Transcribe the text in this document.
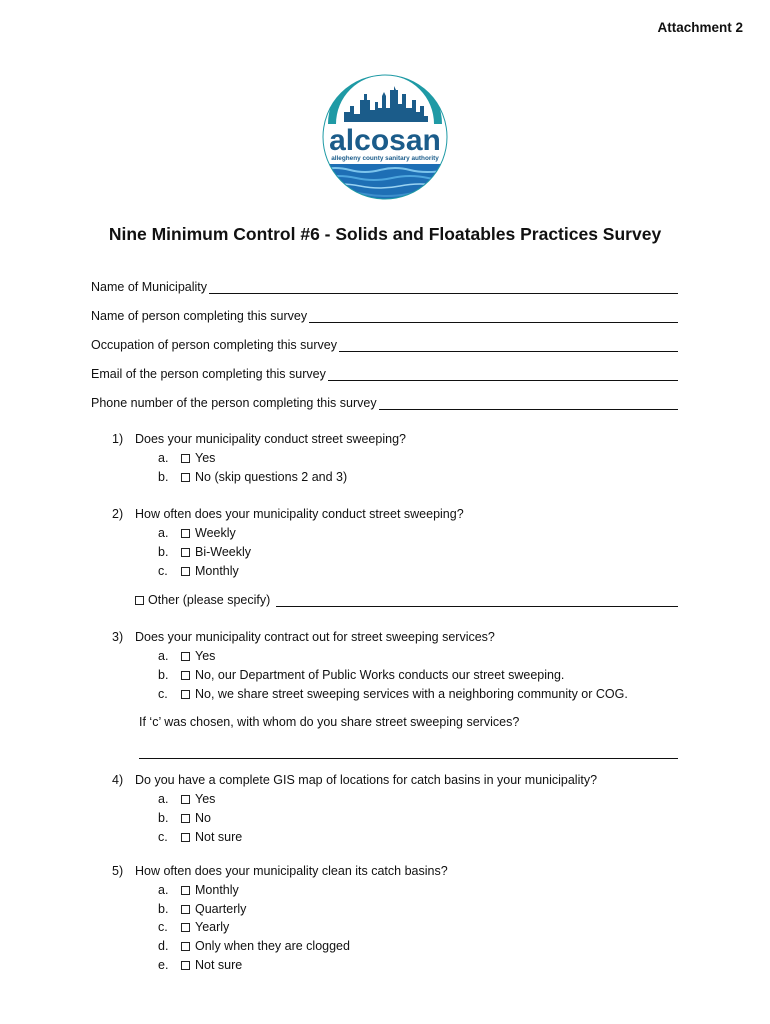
Attachment 2
alcosan
allegheny county sanitary authority
Nine Minimum Control #6 - Solids and Floatables Practices Survey
Name of Municipality
Name of person completing this survey
Occupation of person completing this survey
Email of the person completing this survey
Phone number of the person completing this survey
1) Does your municipality conduct street sweeping?
a.	Yes
b.	No (skip questions 2 and 3)
2) How often does your municipality conduct street sweeping?
a.	Weekly
b.	Bi-Weekly
c.	Monthly
Other (please specify)
3) Does your municipality contract out for street sweeping services?
a.	Yes
b.	No, our Department of Public Works conducts our street sweeping.
c.	No, we share street sweeping services with a neighboring community or COG.
If ‘c’ was chosen, with whom do you share street sweeping services?
4) Do you have a complete GIS map of locations for catch basins in your municipality?
a.	Yes
b.	No
c.	Not sure
5) How often does your municipality clean its catch basins?
a.	Monthly
b.	Quarterly
c.	Yearly
d.	Only when they are clogged
e.	Not sure
